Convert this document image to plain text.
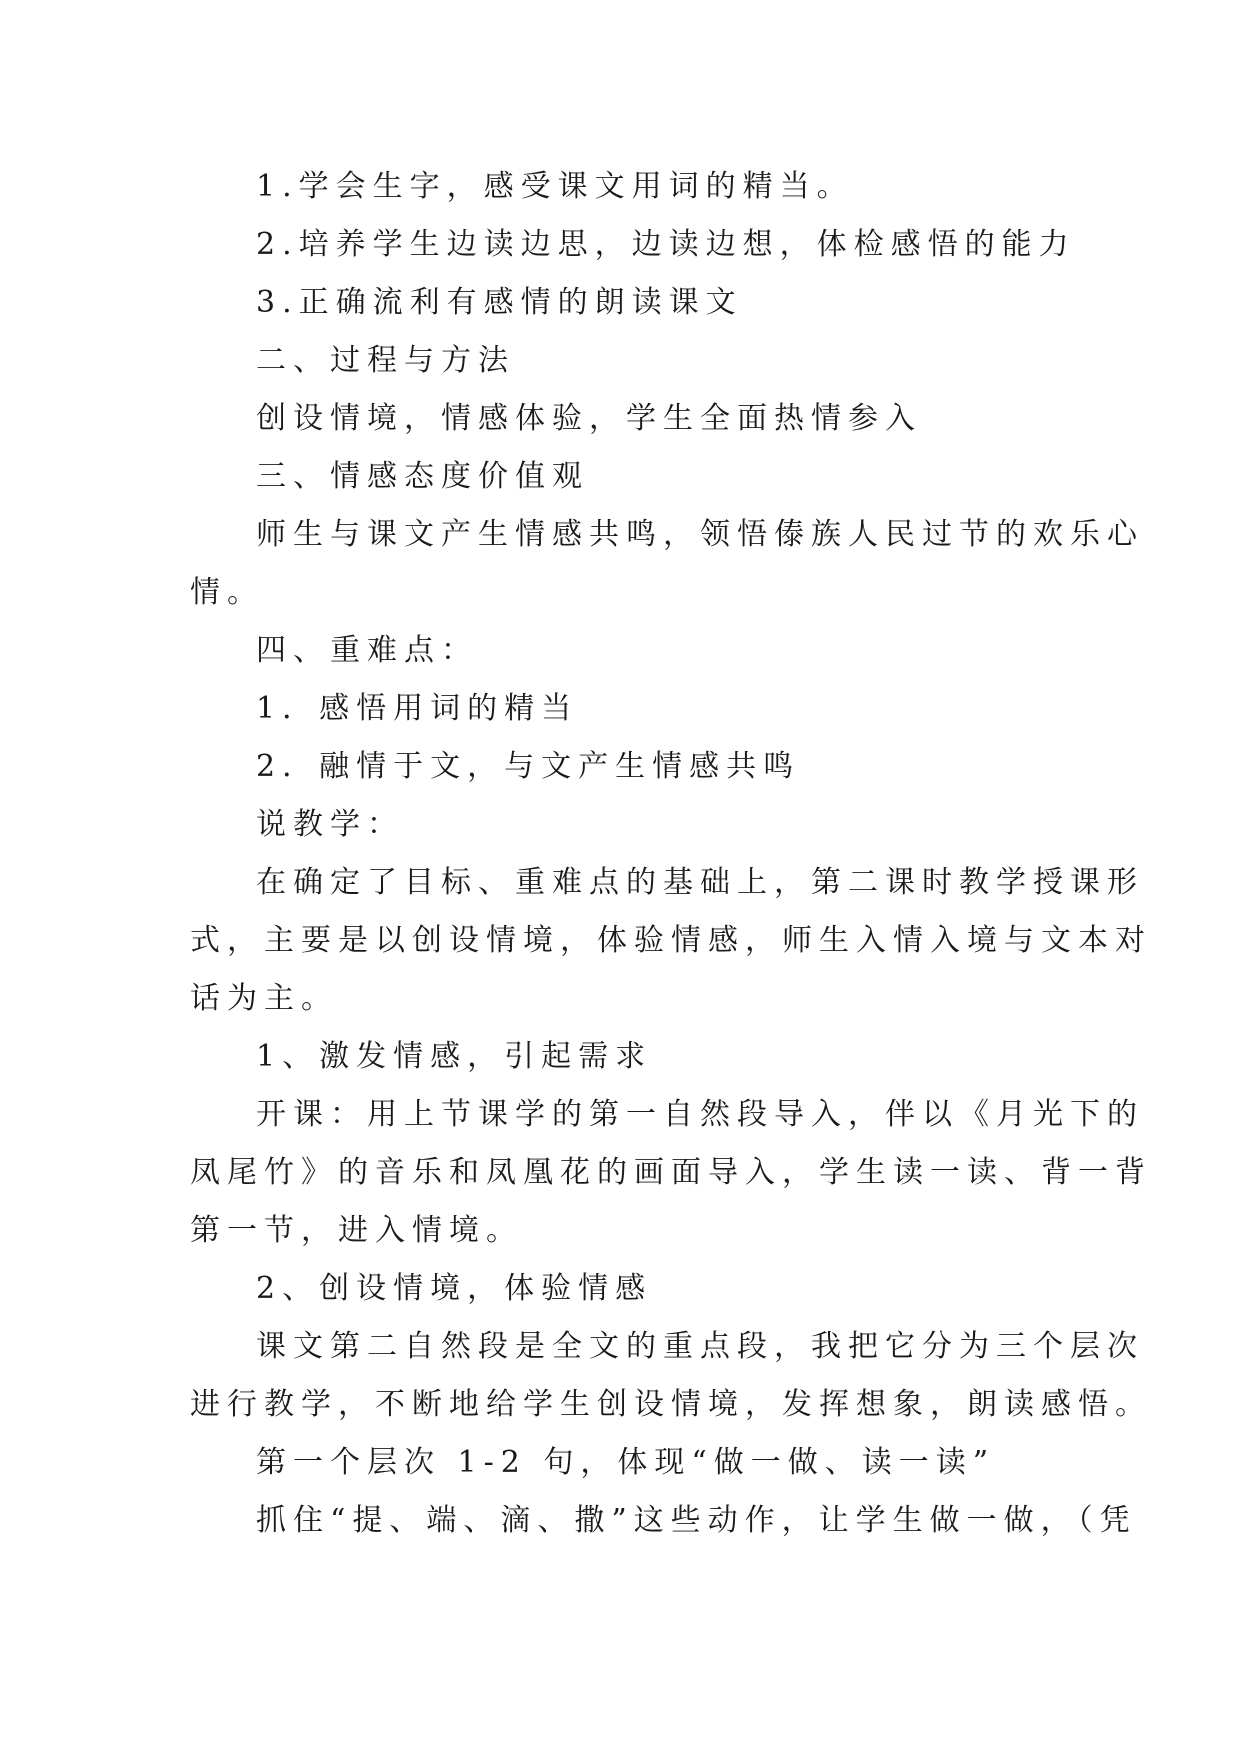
1.学会生字，感受课文用词的精当。
2.培养学生边读边思，边读边想，体检感悟的能力
3.正确流利有感情的朗读课文
二、过程与方法
创设情境，情感体验，学生全面热情参入
三、情感态度价值观
师生与课文产生情感共鸣，领悟傣族人民过节的欢乐心
情。
四、重难点：
1．感悟用词的精当
2．融情于文，与文产生情感共鸣
说教学：
在确定了目标、重难点的基础上，第二课时教学授课形
式，主要是以创设情境，体验情感，师生入情入境与文本对
话为主。
1、激发情感，引起需求
开课：用上节课学的第一自然段导入，伴以《月光下的
凤尾竹》的音乐和凤凰花的画面导入，学生读一读、背一背
第一节，进入情境。
2、创设情境，体验情感
课文第二自然段是全文的重点段，我把它分为三个层次
进行教学，不断地给学生创设情境，发挥想象，朗读感悟。
第一个层次 1-2 句，体现“做一做、读一读”
抓住“提、端、滴、撒”这些动作，让学生做一做，（凭
